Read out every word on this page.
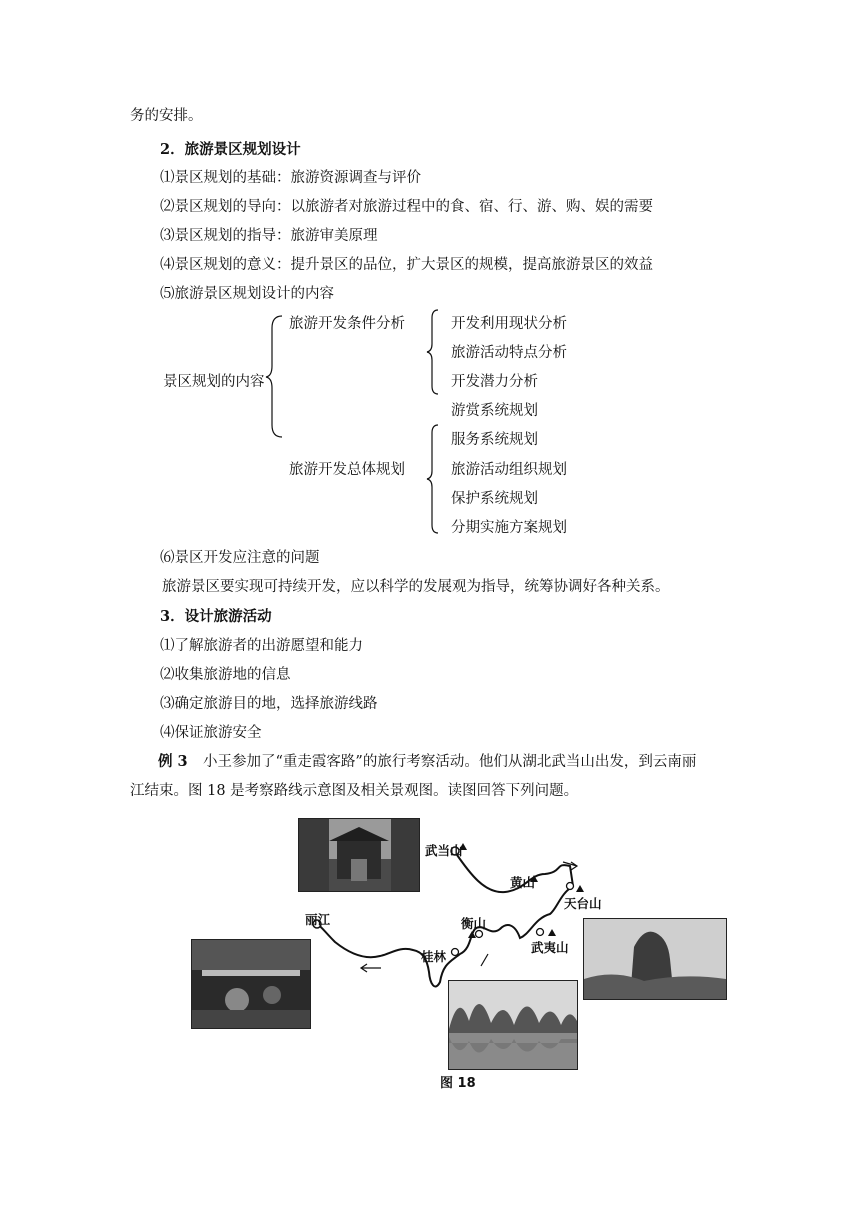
务的安排。
2．旅游景区规划设计
⑴景区规划的基础：旅游资源调查与评价
⑵景区规划的导向：以旅游者对旅游过程中的食、宿、行、游、购、娱的需要
⑶景区规划的指导：旅游审美原理
⑷景区规划的意义：提升景区的品位，扩大景区的规模，提高旅游景区的效益
⑸旅游景区规划设计的内容
景区规划的内容
旅游开发条件分析
旅游开发总体规划
开发利用现状分析
旅游活动特点分析
开发潜力分析
游赏系统规划
服务系统规划
旅游活动组织规划
保护系统规划
分期实施方案规划
⑹景区开发应注意的问题
旅游景区要实现可持续开发，应以科学的发展观为指导，统筹协调好各种关系。
3．设计旅游活动
⑴了解旅游者的出游愿望和能力
⑵收集旅游地的信息
⑶确定旅游目的地，选择旅游线路
⑷保证旅游安全
例 3 小王参加了“重走霞客路”的旅行考察活动。他们从湖北武当山出发，到云南丽
江结束。图 18 是考察路线示意图及相关景观图。读图回答下列问题。
武当山
黄山
天台山
衡山
武夷山
桂林
丽江
图 18
